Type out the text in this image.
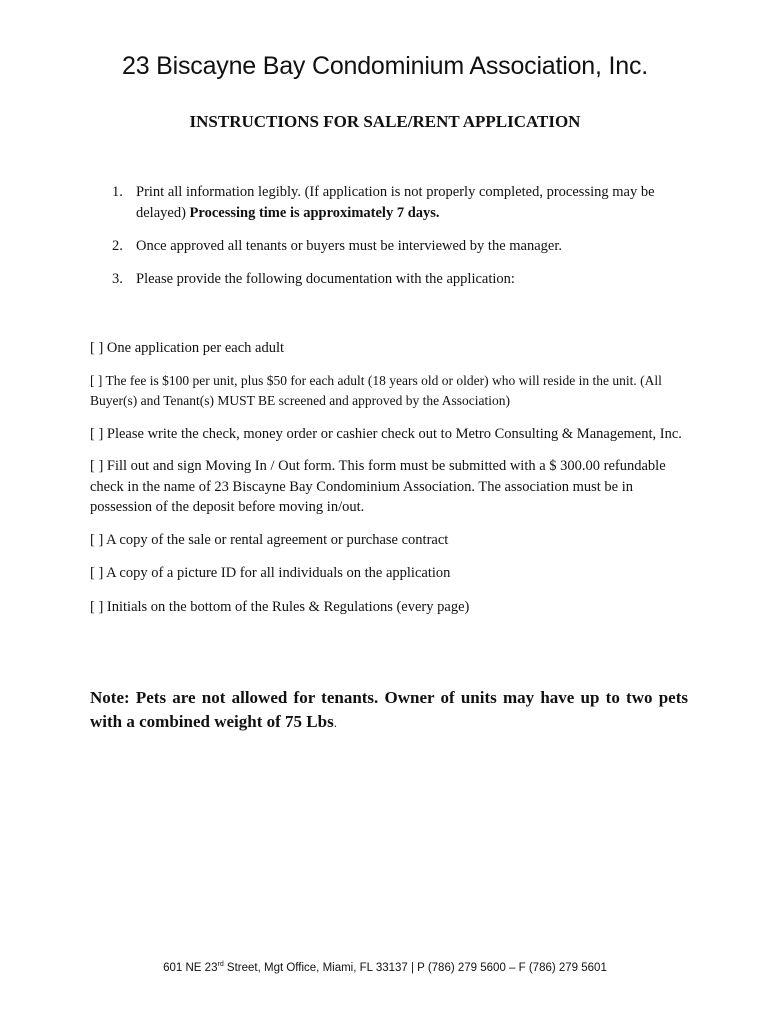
23 Biscayne Bay Condominium Association, Inc.
INSTRUCTIONS FOR SALE/RENT APPLICATION
1. Print all information legibly. (If application is not properly completed, processing may be delayed) Processing time is approximately 7 days.
2. Once approved all tenants or buyers must be interviewed by the manager.
3. Please provide the following documentation with the application:
[ ] One application per each adult
[ ] The fee is $100 per unit, plus $50 for each adult (18 years old or older) who will reside in the unit. (All Buyer(s) and Tenant(s) MUST BE screened and approved by the Association)
[ ] Please write the check, money order or cashier check out to Metro Consulting & Management, Inc.
[ ] Fill out and sign Moving In / Out form. This form must be submitted with a $ 300.00 refundable check in the name of 23 Biscayne Bay Condominium Association. The association must be in possession of the deposit before moving in/out.
[ ] A copy of the sale or rental agreement or purchase contract
[ ] A copy of a picture ID for all individuals on the application
[ ] Initials on the bottom of the Rules & Regulations (every page)

Note: Pets are not allowed for tenants. Owner of units may have up to two pets with a combined weight of 75 Lbs.

601 NE 23rd Street, Mgt Office, Miami, FL 33137 | P (786) 279 5600 – F (786) 279 5601
